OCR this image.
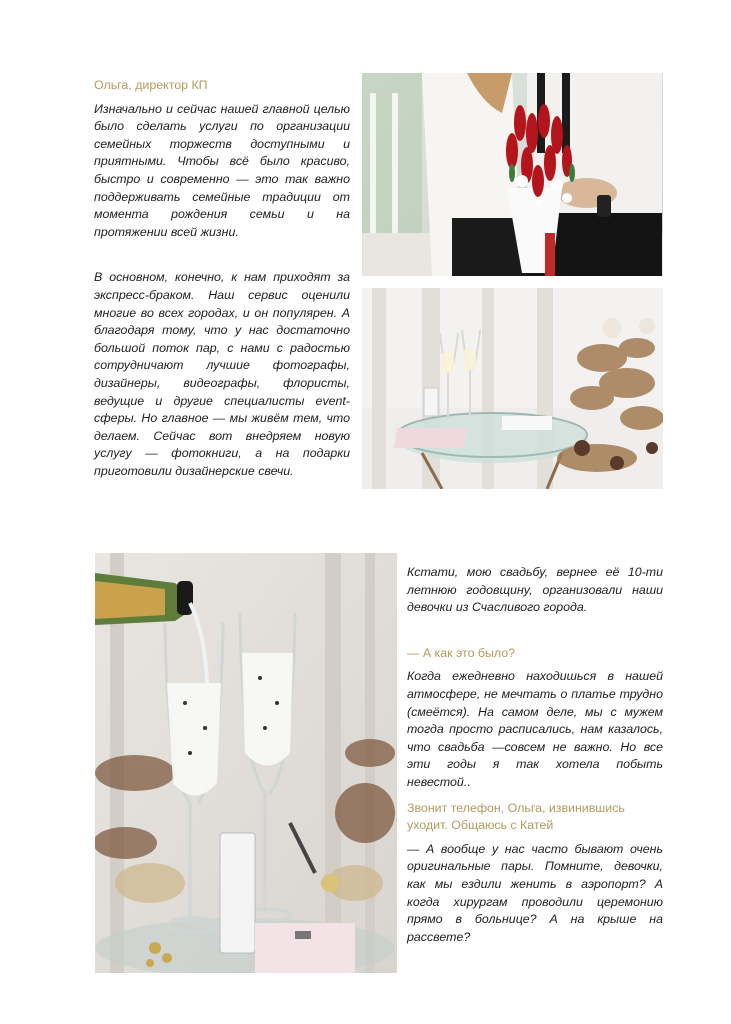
Ольга, директор КП

Изначально и сейчас нашей главной целью было сделать услуги по организации семейных торжеств доступными и приятными. Чтобы всё было красиво, быстро и современно — это так важно поддерживать семейные традиции от момента рождения семьи и на протяжении всей жизни.

В основном, конечно, к нам приходят за экспресс-браком. Наш сервис оценили многие во всех городах, и он популярен. А благодаря тому, что у нас достаточно большой поток пар, с нами с радостью сотрудничают лучшие фотографы, дизайнеры, видеографы, флористы, ведущие и другие специалисты event-сферы. Но главное — мы живём тем, что делаем. Сейчас вот внедряем новую услугу — фотокниги, а на подарки приготовили дизайнерские свечи.

Кстати, мою свадьбу, вернее её 10-ти летнюю годовщину, организовали наши девочки из Счасливого города.

— А как это было?

Когда ежедневно находишься в нашей атмосфере, не мечтать о платье трудно (смеётся). На самом деле, мы с мужем тогда просто расписались, нам казалось, что свадьба —совсем не важно. Но все эти годы я так хотела побыть невестой..

Звонит телефон, Ольга, извинившись уходит. Общаюсь с Катей

— А вообще у нас часто бывают очень оригинальные пары. Помните, девочки, как мы ездили женить в аэропорт? А когда хирургам проводили церемонию прямо в больнице? А на крыше на рассвете?
